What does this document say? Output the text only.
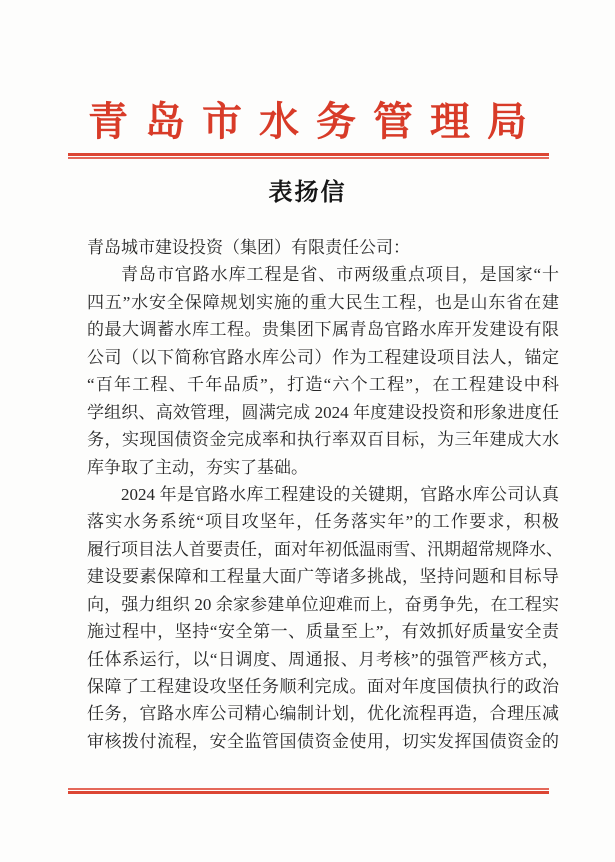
青岛市水务管理局
表扬信
青岛城市建设投资（集团）有限责任公司：
青岛市官路水库工程是省、市两级重点项目，是国家“十
四五”水安全保障规划实施的重大民生工程，也是山东省在建
的最大调蓄水库工程。贵集团下属青岛官路水库开发建设有限
公司（以下简称官路水库公司）作为工程建设项目法人，锚定
“百年工程、千年品质”，打造“六个工程”，在工程建设中科
学组织、高效管理，圆满完成 2024 年度建设投资和形象进度任
务，实现国债资金完成率和执行率双百目标，为三年建成大水
库争取了主动，夯实了基础。
2024 年是官路水库工程建设的关键期，官路水库公司认真
落实水务系统“项目攻坚年，任务落实年”的工作要求，积极
履行项目法人首要责任，面对年初低温雨雪、汛期超常规降水、
建设要素保障和工程量大面广等诸多挑战，坚持问题和目标导
向，强力组织 20 余家参建单位迎难而上，奋勇争先，在工程实
施过程中，坚持“安全第一、质量至上”，有效抓好质量安全责
任体系运行，以“日调度、周通报、月考核”的强管严核方式，
保障了工程建设攻坚任务顺利完成。面对年度国债执行的政治
任务，官路水库公司精心编制计划，优化流程再造，合理压减
审核拨付流程，安全监管国债资金使用，切实发挥国债资金的
